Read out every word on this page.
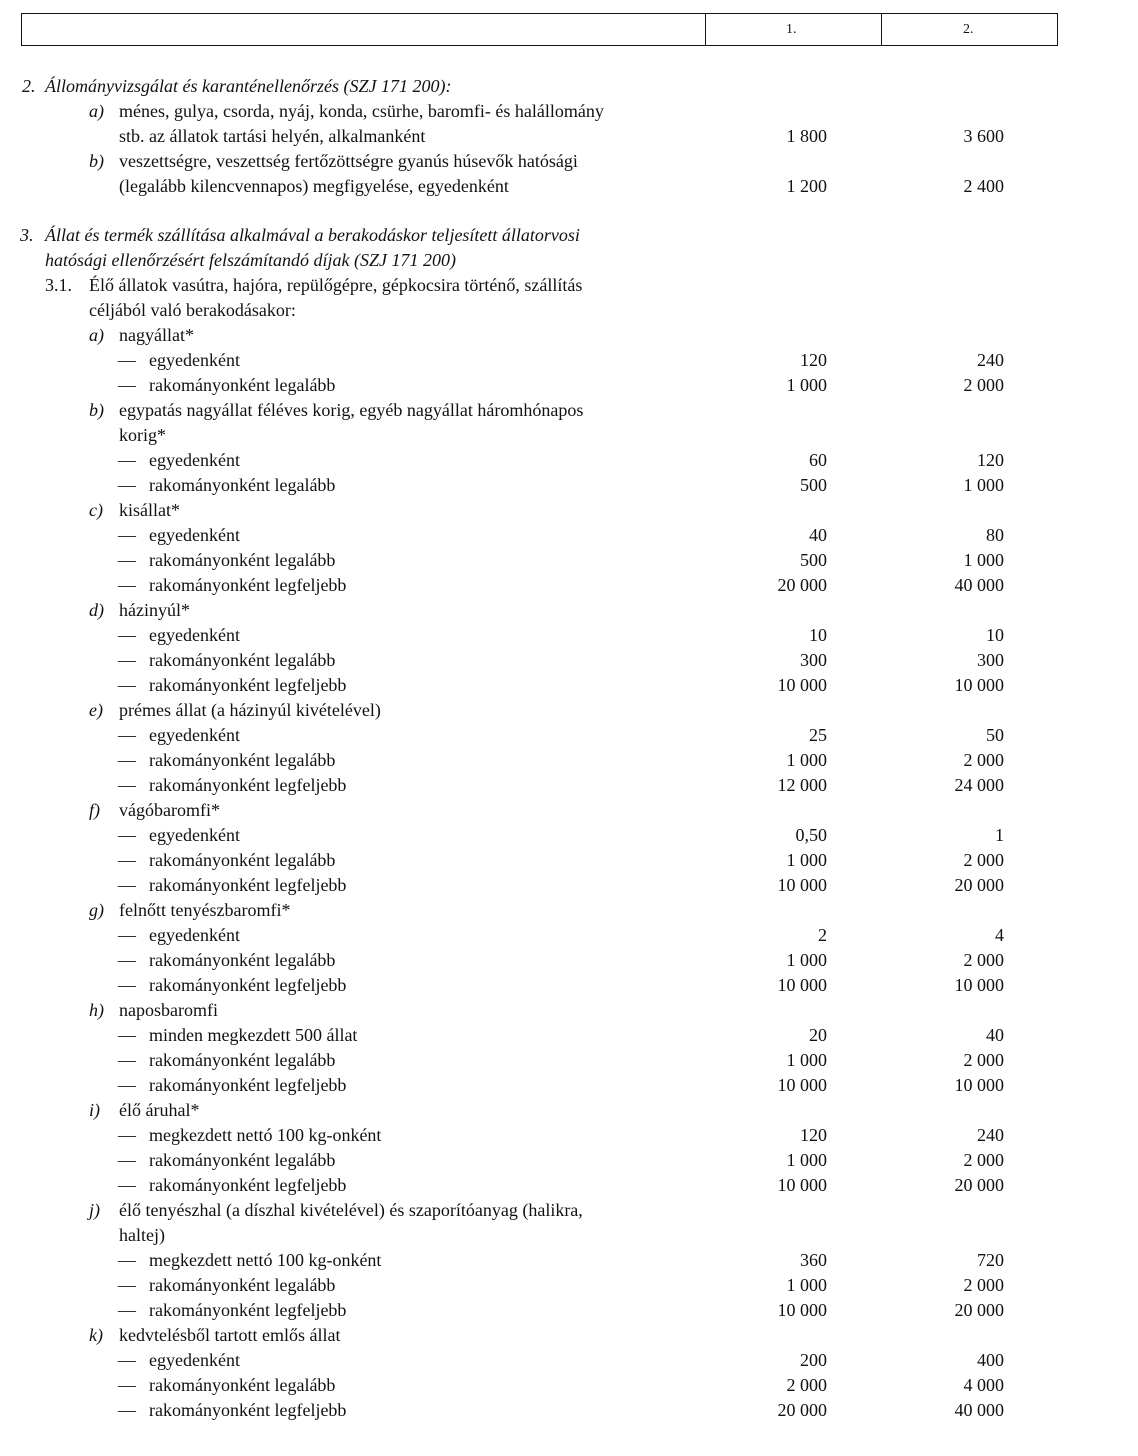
1.	2.
2. Állományvizsgálat és karanténellenőrzés (SZJ 171 200):
a) ménes, gulya, csorda, nyáj, konda, csürhe, baromfi- és halállomány
stb. az állatok tartási helyén, alkalmanként	1 800	3 600
b) veszettségre, veszettség fertőzöttségre gyanús húsevők hatósági
(legalább kilencvennapos) megfigyelése, egyedenként	1 200	2 400
3. Állat és termék szállítása alkalmával a berakodáskor teljesített állatorvosi
hatósági ellenőrzésért felszámítandó díjak (SZJ 171 200)
3.1. Élő állatok vasútra, hajóra, repülőgépre, gépkocsira történő, szállítás
céljából való berakodásakor:
a) nagyállat*
— egyedenként	120	240
— rakományonként legalább	1 000	2 000
b) egypatás nagyállat féléves korig, egyéb nagyállat háromhónapos
korig*
— egyedenként	60	120
— rakományonként legalább	500	1 000
c) kisállat*
— egyedenként	40	80
— rakományonként legalább	500	1 000
— rakományonként legfeljebb	20 000	40 000
d) házinyúl*
— egyedenként	10	10
— rakományonként legalább	300	300
— rakományonként legfeljebb	10 000	10 000
e) prémes állat (a házinyúl kivételével)
— egyedenként	25	50
— rakományonként legalább	1 000	2 000
— rakományonként legfeljebb	12 000	24 000
f) vágóbaromfi*
— egyedenként	0,50	1
— rakományonként legalább	1 000	2 000
— rakományonként legfeljebb	10 000	20 000
g) felnőtt tenyészbaromfi*
— egyedenként	2	4
— rakományonként legalább	1 000	2 000
— rakományonként legfeljebb	10 000	10 000
h) naposbaromfi
— minden megkezdett 500 állat	20	40
— rakományonként legalább	1 000	2 000
— rakományonként legfeljebb	10 000	10 000
i) élő áruhal*
— megkezdett nettó 100 kg-onként	120	240
— rakományonként legalább	1 000	2 000
— rakományonként legfeljebb	10 000	20 000
j) élő tenyészhal (a díszhal kivételével) és szaporítóanyag (halikra,
haltej)
— megkezdett nettó 100 kg-onként	360	720
— rakományonként legalább	1 000	2 000
— rakományonként legfeljebb	10 000	20 000
k) kedvtelésből tartott emlős állat
— egyedenként	200	400
— rakományonként legalább	2 000	4 000
— rakományonként legfeljebb	20 000	40 000
